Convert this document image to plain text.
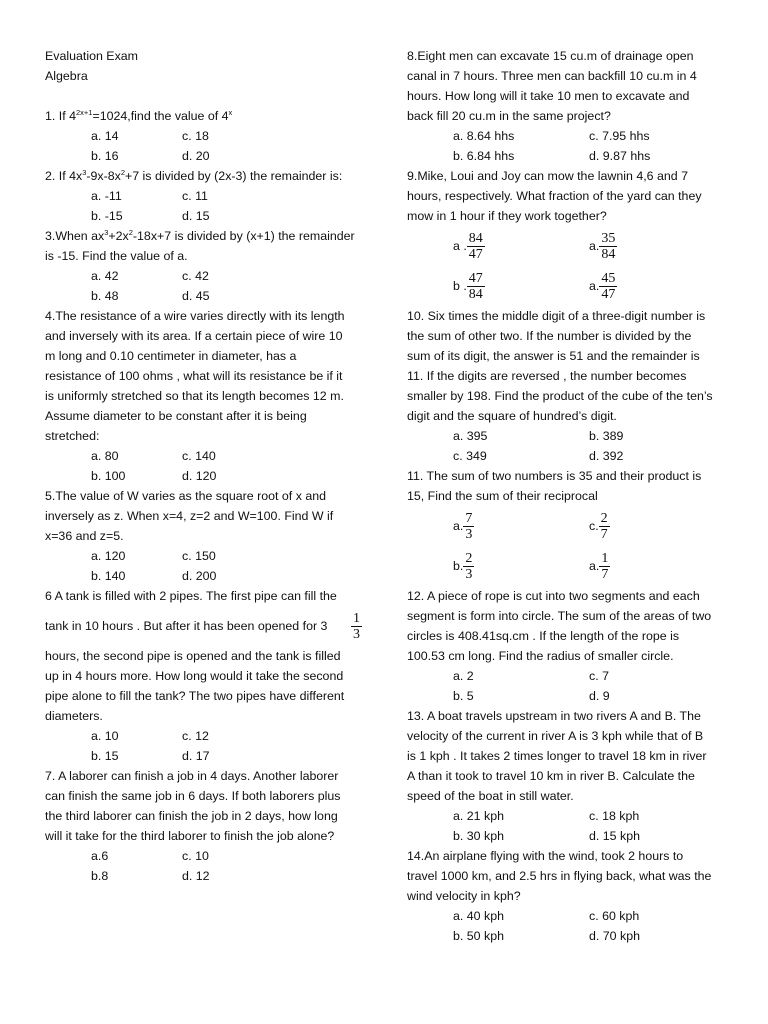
Evaluation Exam
Algebra

1. If $4^{2x+1}=1024,find$ the value of 4$^x$
a. 14	c. 18
b. 16	d. 20
2. If $4x^3-9x-8x^2+7$ is divided by (2x-3) the remainder is:
a. -11	c. 11
b. -15	d. 15
3.When $ax^3+2x^2-18x+7$ is divided by (x+1) the remainder
is -15. Find the value of a.
a. 42	c. 42
b. 48	d. 45
4.The resistance of a wire varies directly with its length
and inversely with its area. If a certain piece of wire 10
m long and 0.10 centimeter in diameter, has a
resistance of 100 ohms , what will its resistance be if it
is uniformly stretched so that its length becomes 12 m.
Assume diameter to be constant after it is being
stretched:
a. 80	c. 140
b. 100	d. 120
5.The value of W varies as the square root of x and
inversely as z. When x=4, z=2 and W=100. Find W if
x=36 and z=5.
a. 120	c. 150
b. 140	d. 200
6 A tank is filled with 2 pipes. The first pipe can fill the
tank in 10 hours . But after it has been opened for $3 \frac{1}{3}$
hours, the second pipe is opened and the tank is filled
up in 4 hours more. How long would it take the second
pipe alone to fill the tank? The two pipes have different
diameters.
a. 10	c. 12
b. 15	d. 17
7. A laborer can finish a job in 4 days. Another laborer
can finish the same job in 6 days. If both laborers plus
the third laborer can finish the job in 2 days, how long
will it take for the third laborer to finish the job alone?
a.6	c. 10
b.8	d. 12
8.Eight men can excavate 15 cu.m of drainage open
canal in 7 hours. Three men can backfill 10 cu.m in 4
hours. How long will it take 10 men to excavate and
back fill 20 cu.m in the same project?
a. 8.64 hhs	c. 7.95 hhs
b. 6.84 hhs	d. 9.87 hhs
9.Mike, Loui and Joy can mow the lawnin 4,6 and 7
hours, respectively. What fraction of the yard can they
mow in 1 hour if they work together?
a . $\frac{84}{47}$	a. $\frac{35}{84}$
b . $\frac{47}{84}$	a. $\frac{45}{47}$
10. Six times the middle digit of a three-digit number is
the sum of other two. If the number is divided by the
sum of its digit, the answer is 51 and the remainder is
11. If the digits are reversed , the number becomes
smaller by 198. Find the product of the cube of the ten’s
digit and the square of hundred’s digit.
a. 395	b. 389
c. 349	d. 392
11. The sum of two numbers is 35 and their product is
15, Find the sum of their reciprocal
a. $\frac{7}{3}$	c. $\frac{2}{7}$
b. $\frac{2}{3}$	a. $\frac{1}{7}$
12. A piece of rope is cut into two segments and each
segment is form into circle. The sum of the areas of two
circles is 408.41sq.cm . If the length of the rope is
100.53 cm long. Find the radius of smaller circle.
a. 2	c. 7
b. 5	d. 9
13. A boat travels upstream in two rivers A and B. The
velocity of the current in river A is 3 kph while that of B
is 1 kph . It takes 2 times longer to travel 18 km in river
A than it took to travel 10 km in river B. Calculate the
speed of the boat in still water.
a. 21 kph	c. 18 kph
b. 30 kph	d. 15 kph
14.An airplane flying with the wind, took 2 hours to
travel 1000 km, and 2.5 hrs in flying back, what was the
wind velocity in kph?
a. 40 kph	c. 60 kph
b. 50 kph	d. 70 kph
